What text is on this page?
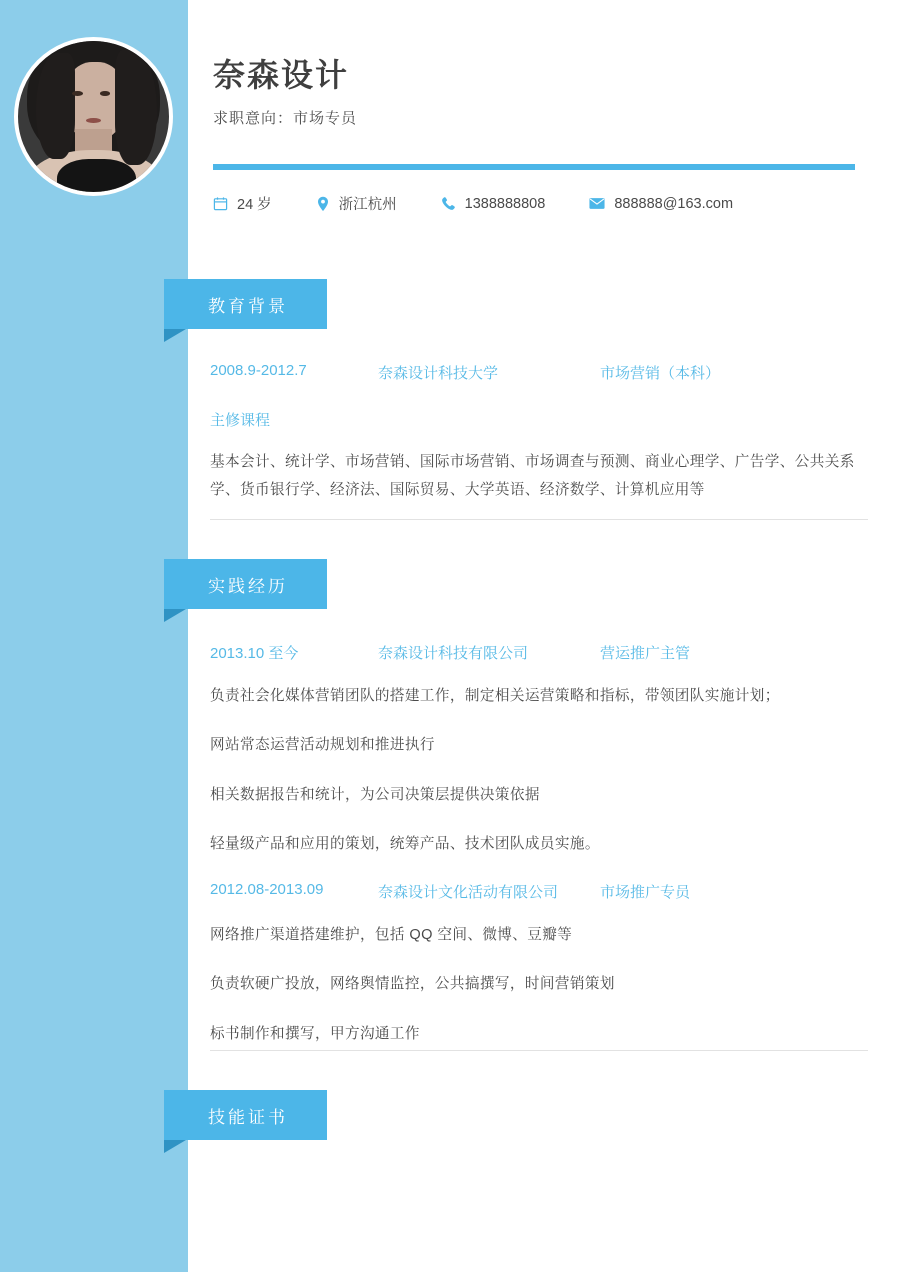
奈森设计
求职意向：市场专员
24 岁	浙江杭州	1388888808	888888@163.com
教育背景
2008.9-2012.7	奈森设计科技大学	市场营销（本科）
主修课程
基本会计、统计学、市场营销、国际市场营销、市场调查与预测、商业心理学、广告学、公共关系学、货币银行学、经济法、国际贸易、大学英语、经济数学、计算机应用等
实践经历
2013.10 至今	奈森设计科技有限公司	营运推广主管
负责社会化媒体营销团队的搭建工作，制定相关运营策略和指标，带领团队实施计划；
网站常态运营活动规划和推进执行
相关数据报告和统计，为公司决策层提供决策依据
轻量级产品和应用的策划，统筹产品、技术团队成员实施。
2012.08-2013.09	奈森设计文化活动有限公司	市场推广专员
网络推广渠道搭建维护，包括 QQ 空间、微博、豆瓣等
负责软硬广投放，网络舆情监控，公共搞撰写，时间营销策划
标书制作和撰写，甲方沟通工作
技能证书
